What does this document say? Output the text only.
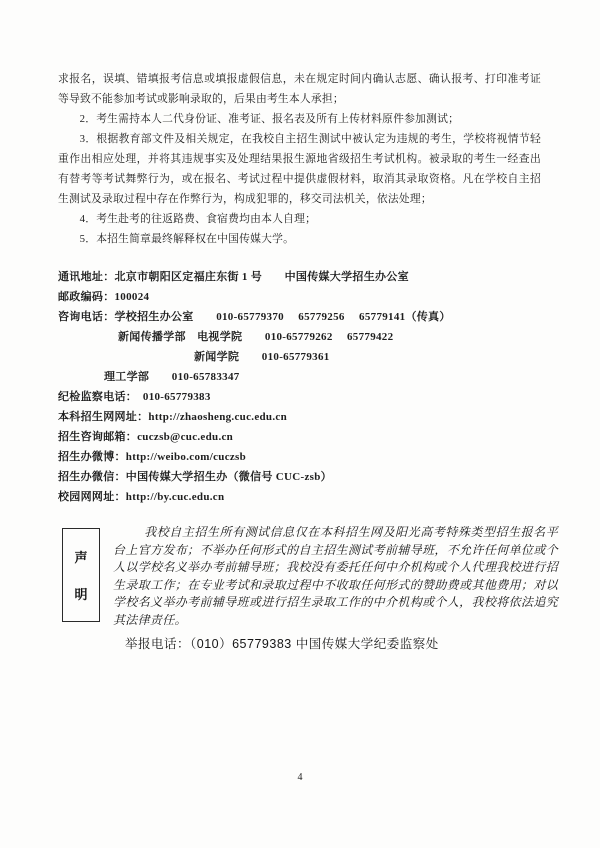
求报名，误填、错填报考信息或填报虚假信息，未在规定时间内确认志愿、确认报考、打印准考证等导致不能参加考试或影响录取的，后果由考生本人承担；

2．考生需持本人二代身份证、准考证、报名表及所有上传材料原件参加测试；

3．根据教育部文件及相关规定，在我校自主招生测试中被认定为违规的考生，学校将视情节轻重作出相应处理，并将其违规事实及处理结果报生源地省级招生考试机构。被录取的考生一经查出有替考等考试舞弊行为，或在报名、考试过程中提供虚假材料，取消其录取资格。凡在学校自主招生测试及录取过程中存在作弊行为，构成犯罪的，移交司法机关，依法处理；

4．考生赴考的往返路费、食宿费均由本人自理；

5．本招生简章最终解释权在中国传媒大学。

通讯地址：北京市朝阳区定福庄东街 1 号　　中国传媒大学招生办公室
邮政编码：100024
咨询电话：学校招生办公室　　010-65779370　 65779256　 65779141（传真）
新闻传播学部　电视学院　　010-65779262　 65779422
新闻学院　　010-65779361
理工学部　　010-65783347
纪检监察电话：　010-65779383
本科招生网网址：http://zhaosheng.cuc.edu.cn
招生咨询邮箱：cuczsb@cuc.edu.cn
招生办微博：http://weibo.com/cuczsb
招生办微信：中国传媒大学招生办（微信号 CUC-zsb）
校园网网址：http://by.cuc.edu.cn
声
明

我校自主招生所有测试信息仅在本科招生网及阳光高考特殊类型招生报名平台上官方发布；不举办任何形式的自主招生测试考前辅导班，不允许任何单位或个人以学校名义举办考前辅导班；我校没有委托任何中介机构或个人代理我校进行招生录取工作；在专业考试和录取过程中不收取任何形式的赞助费或其他费用；对以学校名义举办考前辅导班或进行招生录取工作的中介机构或个人，我校将依法追究其法律责任。

举报电话：（010）65779383 中国传媒大学纪委监察处

4
